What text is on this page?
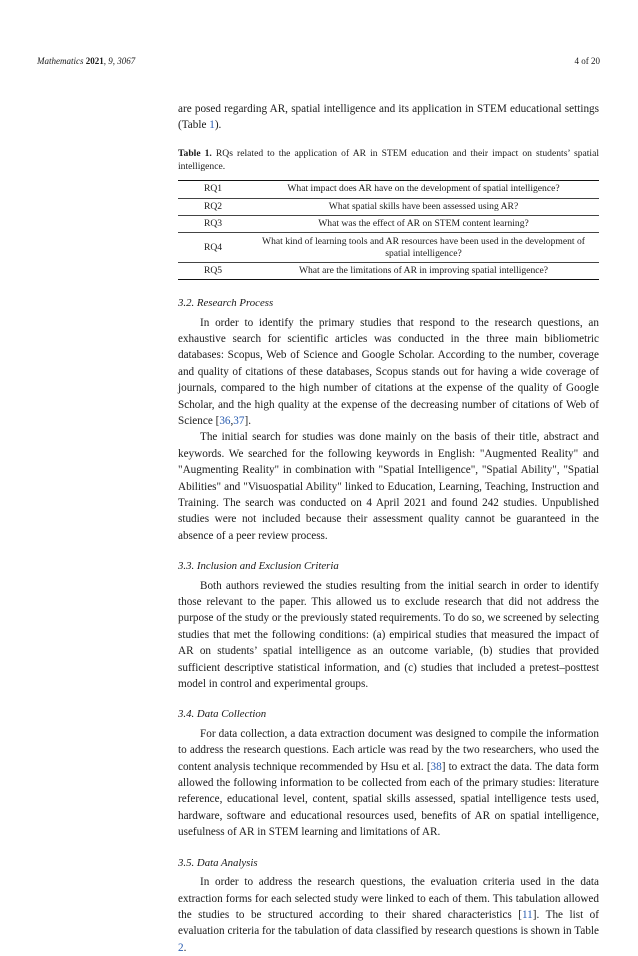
Mathematics 2021, 9, 3067	4 of 20

are posed regarding AR, spatial intelligence and its application in STEM educational settings (Table 1).

Table 1. RQs related to the application of AR in STEM education and their impact on students’ spatial intelligence.
RQ1	What impact does AR have on the development of spatial intelligence?
RQ2	What spatial skills have been assessed using AR?
RQ3	What was the effect of AR on STEM content learning?
RQ4	What kind of learning tools and AR resources have been used in the development of spatial intelligence?
RQ5	What are the limitations of AR in improving spatial intelligence?
3.2. Research Process

In order to identify the primary studies that respond to the research questions, an exhaustive search for scientific articles was conducted in the three main bibliometric databases: Scopus, Web of Science and Google Scholar. According to the number, coverage and quality of citations of these databases, Scopus stands out for having a wide coverage of journals, compared to the high number of citations at the expense of the quality of Google Scholar, and the high quality at the expense of the decreasing number of citations of Web of Science [36,37].

The initial search for studies was done mainly on the basis of their title, abstract and keywords. We searched for the following keywords in English: "Augmented Reality" and "Augmenting Reality" in combination with "Spatial Intelligence", "Spatial Ability", "Spatial Abilities" and "Visuospatial Ability" linked to Education, Learning, Teaching, Instruction and Training. The search was conducted on 4 April 2021 and found 242 studies. Unpublished studies were not included because their assessment quality cannot be guaranteed in the absence of a peer review process.

3.3. Inclusion and Exclusion Criteria

Both authors reviewed the studies resulting from the initial search in order to identify those relevant to the paper. This allowed us to exclude research that did not address the purpose of the study or the previously stated requirements. To do so, we screened by selecting studies that met the following conditions: (a) empirical studies that measured the impact of AR on students’ spatial intelligence as an outcome variable, (b) studies that provided sufficient descriptive statistical information, and (c) studies that included a pretest–posttest model in control and experimental groups.

3.4. Data Collection

For data collection, a data extraction document was designed to compile the information to address the research questions. Each article was read by the two researchers, who used the content analysis technique recommended by Hsu et al. [38] to extract the data. The data form allowed the following information to be collected from each of the primary studies: literature reference, educational level, content, spatial skills assessed, spatial intelligence tests used, hardware, software and educational resources used, benefits of AR on spatial intelligence, usefulness of AR in STEM learning and limitations of AR.

3.5. Data Analysis

In order to address the research questions, the evaluation criteria used in the data extraction forms for each selected study were linked to each of them. This tabulation allowed the studies to be structured according to their shared characteristics [11]. The list of evaluation criteria for the tabulation of data classified by research questions is shown in Table 2.
